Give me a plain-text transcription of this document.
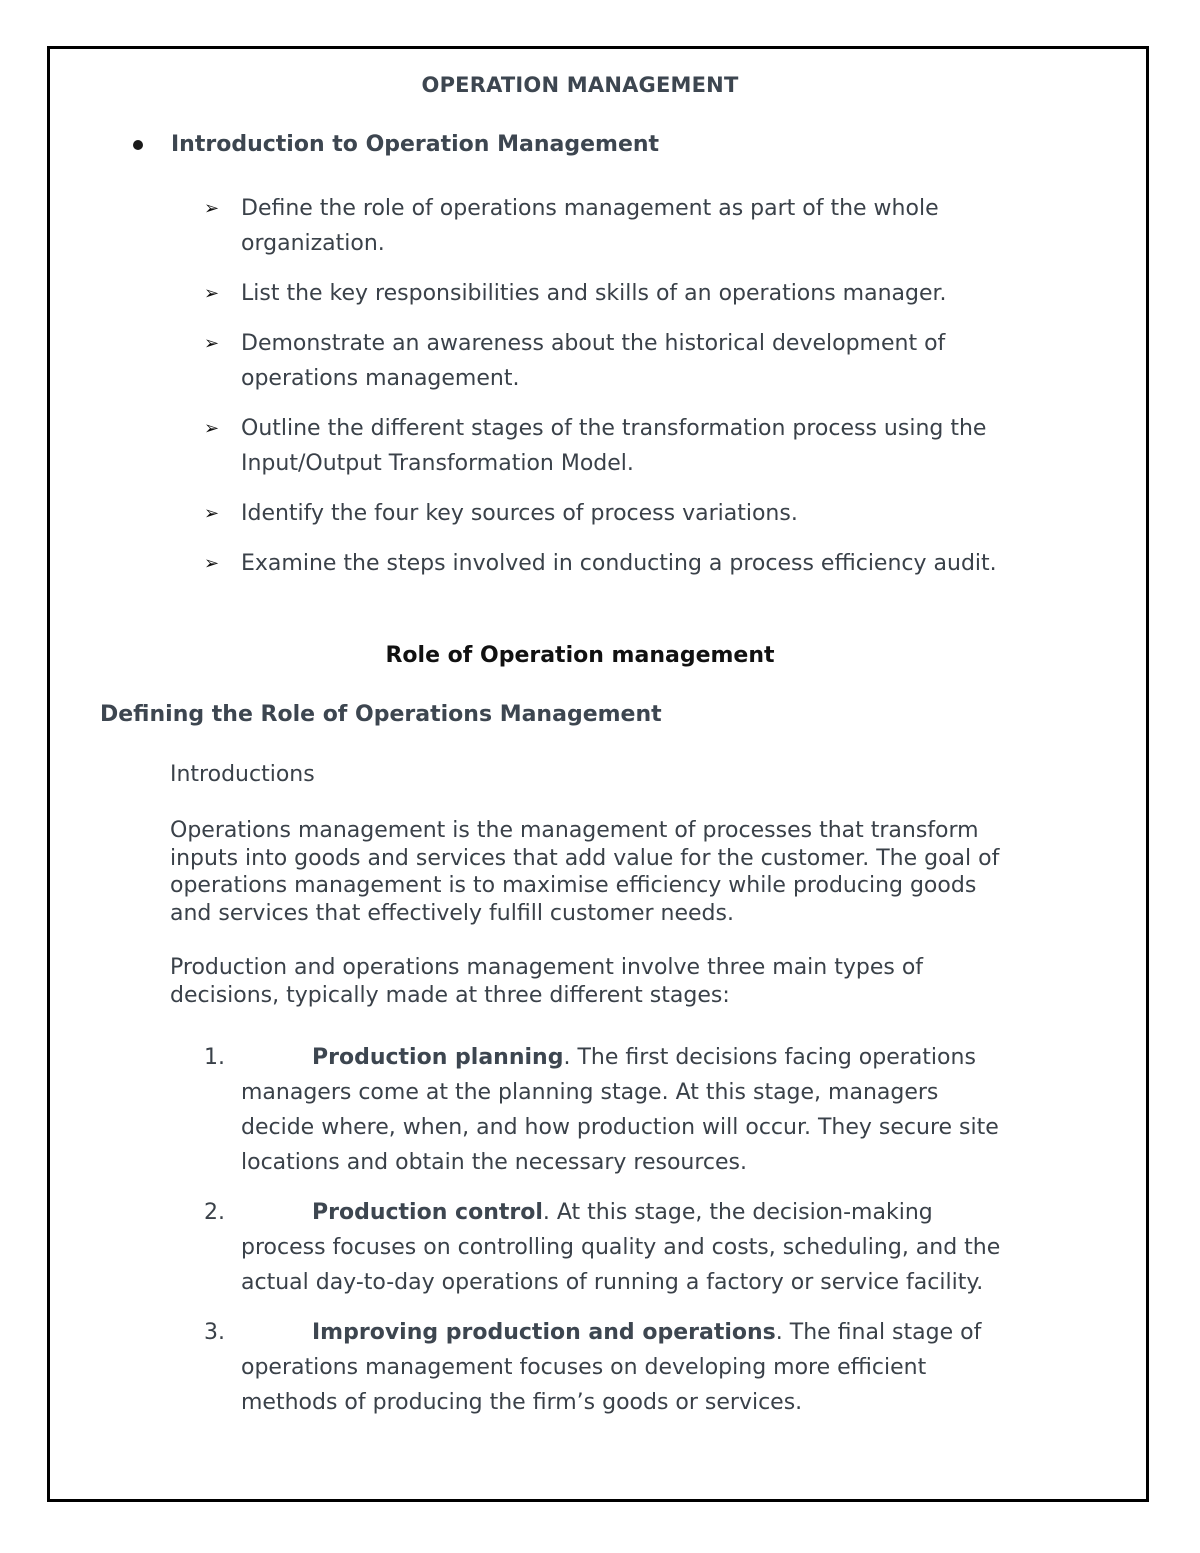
OPERATION MANAGEMENT
Introduction to Operation Management
➢ Define the role of operations management as part of the whole
organization.
➢ List the key responsibilities and skills of an operations manager.
➢ Demonstrate an awareness about the historical development of
operations management.
➢ Outline the different stages of the transformation process using the
Input/Output Transformation Model.
➢ Identify the four key sources of process variations.
➢ Examine the steps involved in conducting a process efficiency audit.
Role of Operation management
Defining the Role of Operations Management

Introductions

Operations management is the management of processes that transform
inputs into goods and services that add value for the customer. The goal of
operations management is to maximise efficiency while producing goods
and services that effectively fulfill customer needs.

Production and operations management involve three main types of
decisions, typically made at three different stages:

1.	Production planning. The first decisions facing operations
managers come at the planning stage. At this stage, managers
decide where, when, and how production will occur. They secure site
locations and obtain the necessary resources.
2.	Production control. At this stage, the decision-making
process focuses on controlling quality and costs, scheduling, and the
actual day-to-day operations of running a factory or service facility.
3.	Improving production and operations. The final stage of
operations management focuses on developing more efficient
methods of producing the firm’s goods or services.
